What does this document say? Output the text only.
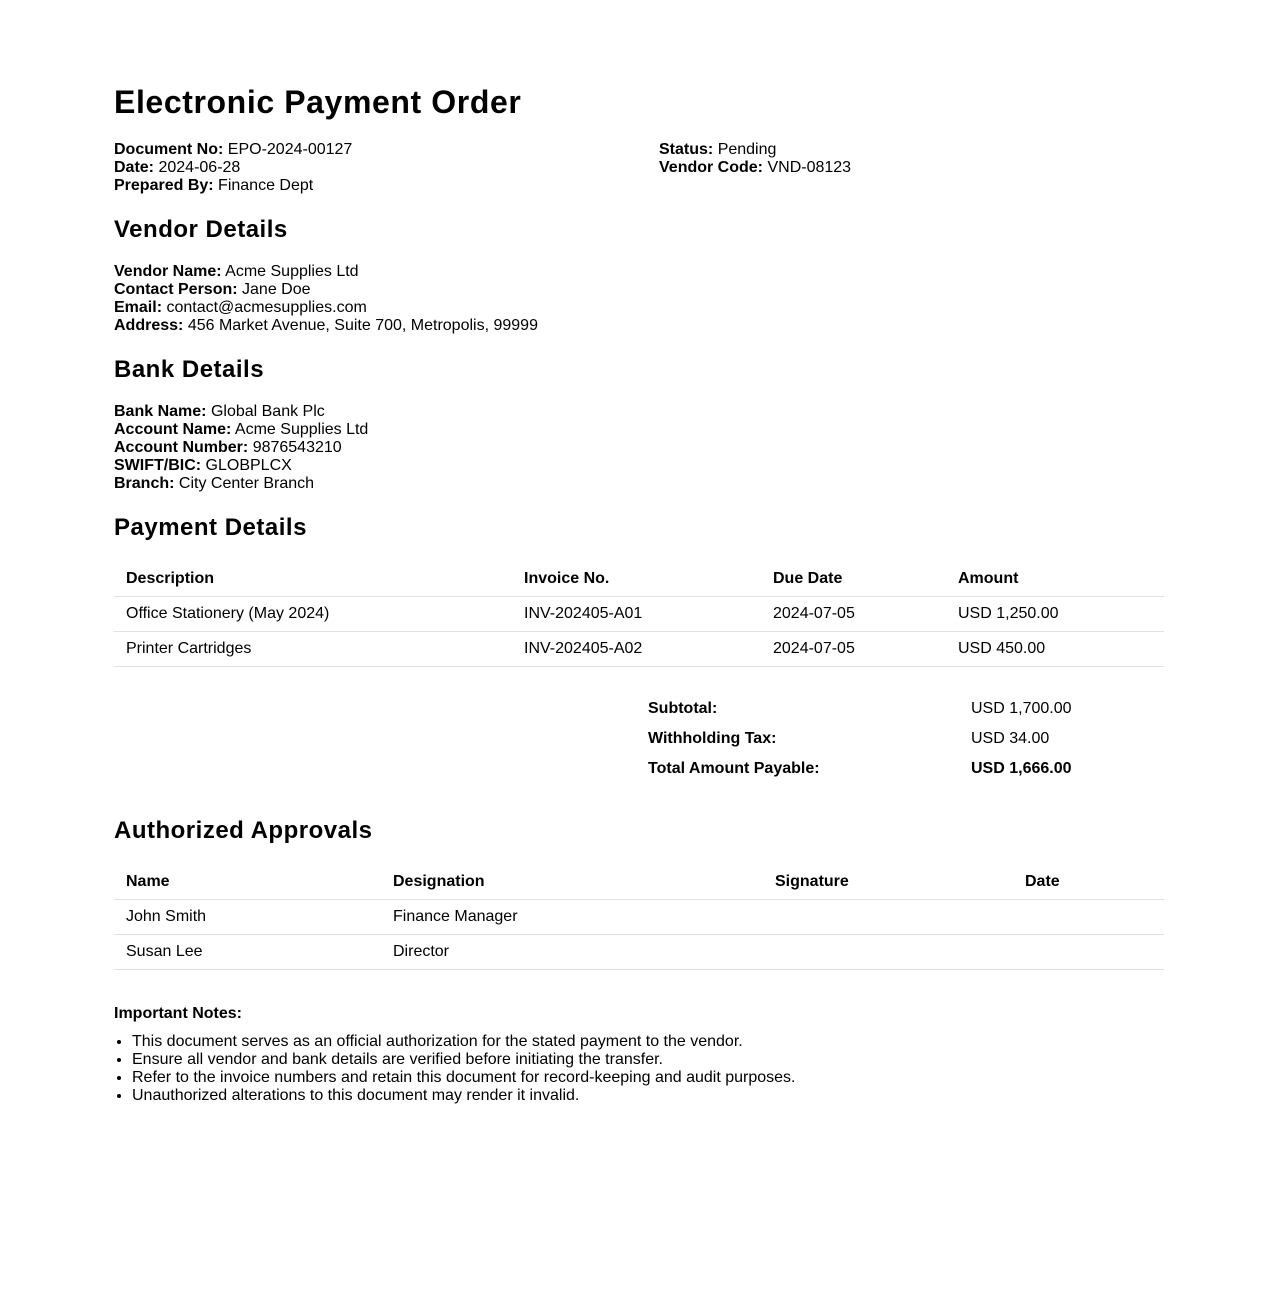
Electronic Payment Order
Document No: EPO-2024-00127
Date: 2024-06-28
Prepared By: Finance Dept
Status: Pending
Vendor Code: VND-08123
Vendor Details
Vendor Name: Acme Supplies Ltd
Contact Person: Jane Doe
Email: contact@acmesupplies.com
Address: 456 Market Avenue, Suite 700, Metropolis, 99999
Bank Details
Bank Name: Global Bank Plc
Account Name: Acme Supplies Ltd
Account Number: 9876543210
SWIFT/BIC: GLOBPLCX
Branch: City Center Branch
Payment Details
Description	Invoice No.	Due Date	Amount
Office Stationery (May 2024)	INV-202405-A01	2024-07-05	USD 1,250.00
Printer Cartridges	INV-202405-A02	2024-07-05	USD 450.00
Subtotal:	USD 1,700.00
Withholding Tax:	USD 34.00
Total Amount Payable:	USD 1,666.00
Authorized Approvals
Name	Designation	Signature	Date
John Smith	Finance Manager		
Susan Lee	Director		
Important Notes:
• This document serves as an official authorization for the stated payment to the vendor.
• Ensure all vendor and bank details are verified before initiating the transfer.
• Refer to the invoice numbers and retain this document for record-keeping and audit purposes.
• Unauthorized alterations to this document may render it invalid.
